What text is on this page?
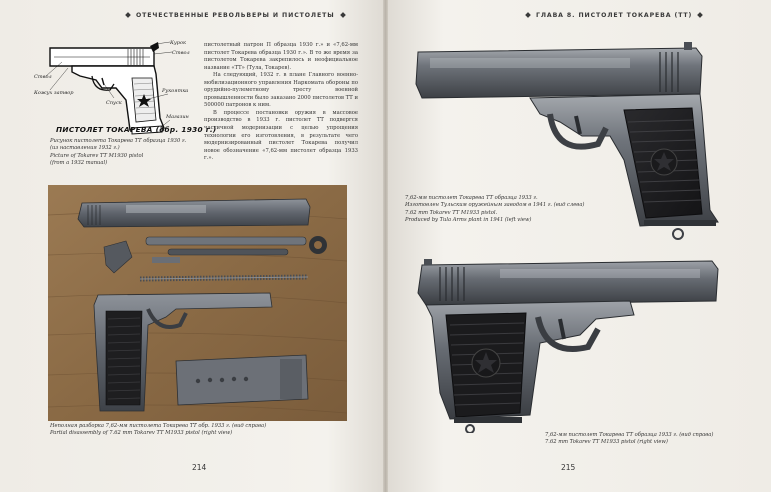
ОТЕЧЕСТВЕННЫЕ РЕВОЛЬВЕРЫ И ПИСТОЛЕТЫ	ГЛАВА 8. ПИСТОЛЕТ ТОКАРЕВА (ТТ)
Курок
Ствол
Ствол
Кожух затвор
Спуск
Рукоятка
Магазин
ПИСТОЛЕТ ТОКАРЕВА (обр. 1930 г.)
Рисунок пистолета Токарева ТТ образца 1930 г.
(из наставления 1932 г.)
Picture of Tokarev TT M1930 pistol
(from a 1932 manual)

пистолетный патрон П образца 1930 г.» и «7,62-мм пистолет Токарева образца 1930 г.». В то же время за пистолетом Токарева закрепилось и неофициальное название «ТТ» (Тула, Токарев).

На следующий, 1932 г. в плане Главного военно-мобилизационного управления Наркомата обороны по орудийно-пулеметному тресту военной промышленности было заказано 2000 пистолетов ТТ и 500000 патронов к ним.

В процессе постановки оружия в массовое производство в 1933 г. пистолет ТТ подвергся частичной модернизации с целью упрощения технологии его изготовления, в результате чего модернизированный пистолет Токарева получил новое обозначение «7,62-мм пистолет образца 1933 г.».

Неполная разборка 7,62-мм пистолета Токарева ТТ обр. 1933 г. (вид справа)
Partial disassembly of 7.62 mm Tokarev TT M1933 pistol (right view)
7,62-мм пистолет Токарева ТТ образца 1933 г.
Изготовлен Тульским оружейным заводом в 1941 г. (вид слева)
7.62 mm Tokarev TT M1933 pistol.
Produced by Tula Arms plant in 1941 (left view)
7,62-мм пистолет Токарева ТТ образца 1933 г. (вид справа)
7.62 mm Tokarev TT M1933 pistol (right view)
214	215
